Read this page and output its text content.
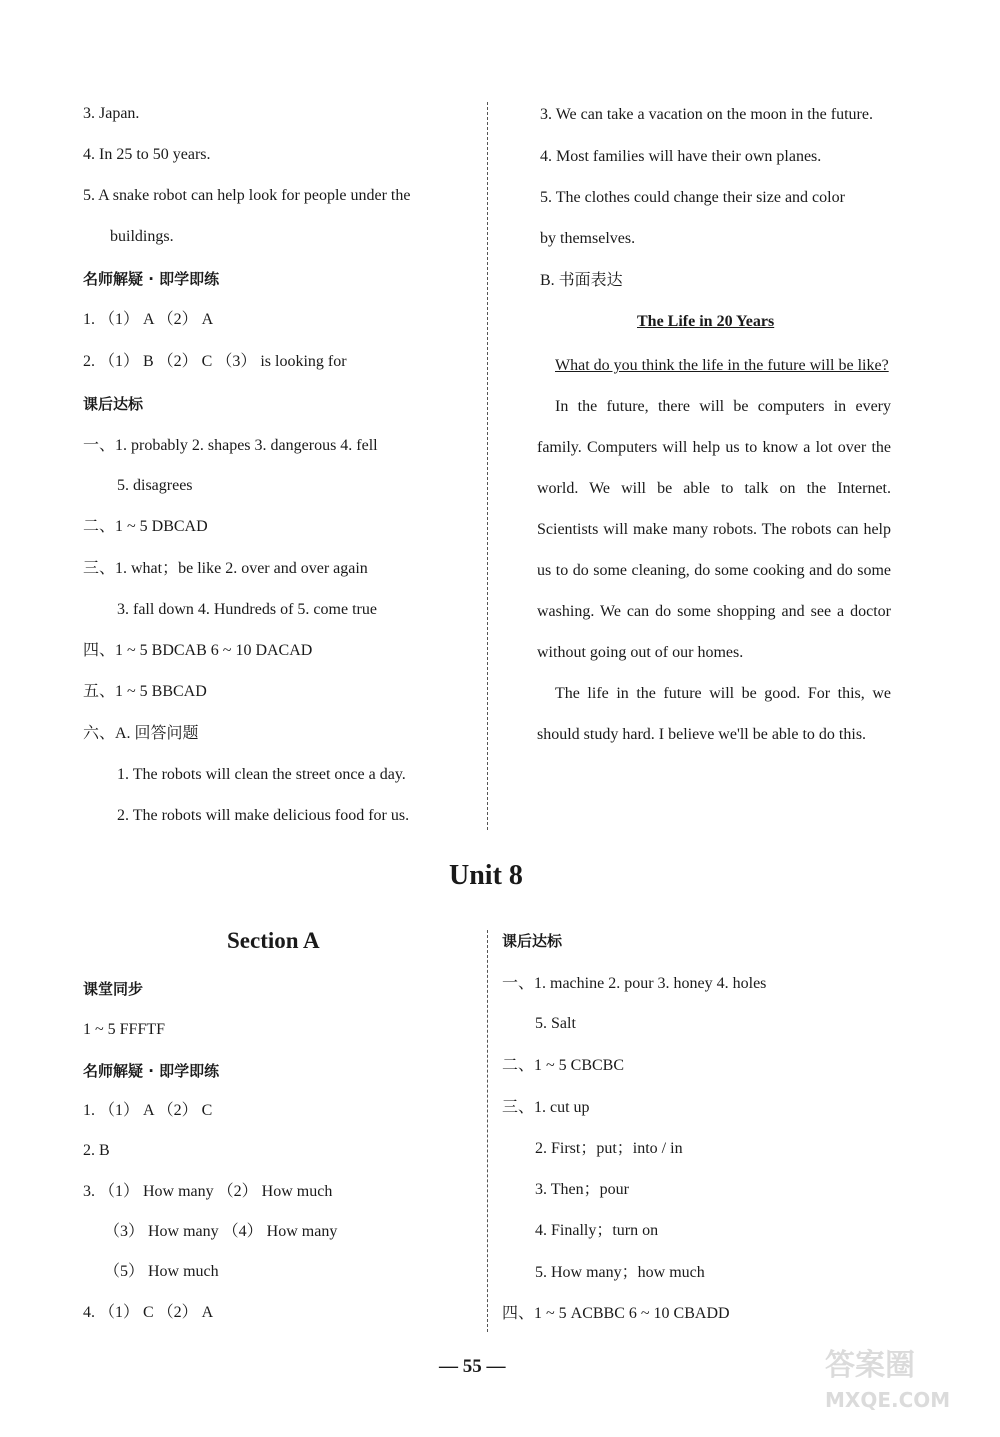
3. Japan.
4. In 25 to 50 years.
5. A snake robot can help look for people under the
buildings.
名师解疑 · 即学即练
1. （1） A （2） A
2. （1） B （2） C （3） is looking for
课后达标
一、1. probably 2. shapes 3. dangerous 4. fell
5. disagrees
二、1 ~ 5 DBCAD
三、1. what；be like 2. over and over again
3. fall down 4. Hundreds of 5. come true
四、1 ~ 5 BDCAB 6 ~ 10 DACAD
五、1 ~ 5 BBCAD
六、A. 回答问题
1. The robots will clean the street once a day.
2. The robots will make delicious food for us.
3. We can take a vacation on the moon in the future.
4. Most families will have their own planes.
5. The clothes could change their size and color
by themselves.
B. 书面表达
The Life in 20 Years

What do you think the life in the future will be like?

In the future, there will be computers in every family. Computers will help us to know a lot over the world. We will be able to talk on the Internet. Scientists will make many robots. The robots can help us to do some cleaning, do some cooking and do some washing. We can do some shopping and see a doctor without going out of our homes.

The life in the future will be good. For this, we should study hard. I believe we'll be able to do this.

Unit 8
Section A
课堂同步
1 ~ 5 FFFTF
名师解疑 · 即学即练
1. （1） A （2） C
2. B
3. （1） How many （2） How much
（3） How many （4） How many
（5） How much
4. （1） C （2） A
课后达标
一、1. machine 2. pour 3. honey 4. holes
5. Salt
二、1 ~ 5 CBCBC
三、1. cut up
2. First；put；into / in
3. Then；pour
4. Finally；turn on
5. How many；how much
四、1 ~ 5 ACBBC 6 ~ 10 CBADD
— 55 —	答案圈
MXQE.COM
